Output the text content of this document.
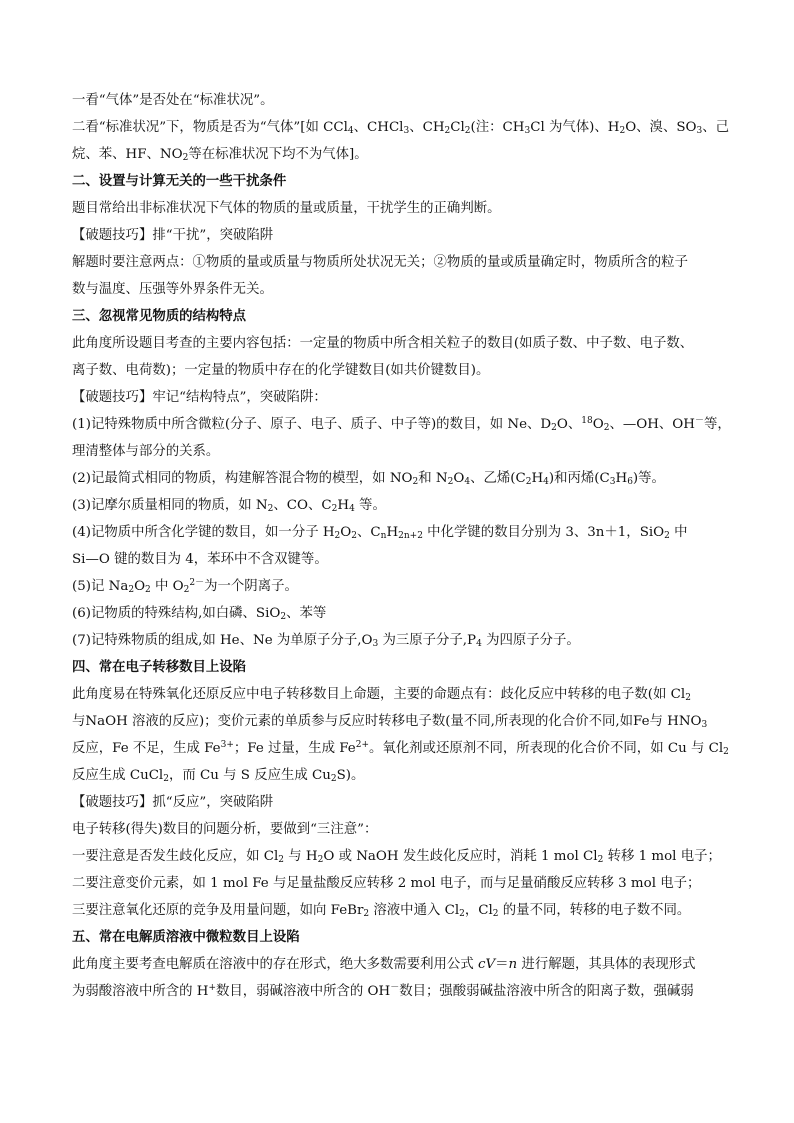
一看“气体”是否处在“标准状况”。
二看“标准状况”下，物质是否为“气体”[如 CCl$_4$、CHCl$_3$、$CH_2Cl_2$(注：$CH_3Cl$ 为气体)、$H_2O$、溴、$SO_3$、己
烷、苯、HF、$NO_2$等在标准状况下均不为气体]。
二、设置与计算无关的一些干扰条件
题目常给出非标准状况下气体的物质的量或质量，干扰学生的正确判断。
【破题技巧】排“干扰”，突破陷阱
解题时要注意两点：①物质的量或质量与物质所处状况无关；②物质的量或质量确定时，物质所含的粒子
数与温度、压强等外界条件无关。
三、忽视常见物质的结构特点
此角度所设题目考查的主要内容包括：一定量的物质中所含相关粒子的数目(如质子数、中子数、电子数、
离子数、电荷数)；一定量的物质中存在的化学键数目(如共价键数目)。
【破题技巧】牢记“结构特点”，突破陷阱：
(1)记特殊物质中所含微粒(分子、原子、电子、质子、中子等)的数目，如 Ne、$D_2O$、$^{18}O_2$、—OH、OH－等，
理清整体与部分的关系。
(2)记最简式相同的物质，构建解答混合物的模型，如 $NO_2$和 $N_2O_4$、乙烯$(C_2H_4)$和丙烯$(C_3H_6)$等。
(3)记摩尔质量相同的物质，如 $N_2$、CO、$C_2H_4$ 等。
(4)记物质中所含化学键的数目，如一分子 $H_2O_2$、$C_nH_{2n+2}$ 中化学键的数目分别为 3、3n＋1，SiO$_2$ 中
Si—O 键的数目为 4，苯环中不含双键等。
(5)记 $Na_2O_2$ 中 $O_2^{2-}$为一个阴离子。
(6)记物质的特殊结构,如白磷、SiO$_2$、苯等
(7)记特殊物质的组成,如 He、Ne 为单原子分子$,O_3$ 为三原子分子$,P_4$ 为四原子分子。
四、常在电子转移数目上设陷
此角度易在特殊氧化还原反应中电子转移数目上命题，主要的命题点有：歧化反应中转移的电子数(如 $Cl_2$
与NaOH 溶液的反应)；变价元素的单质参与反应时转移电子数(量不同,所表现的化合价不同,如Fe与 $HNO_3$
反应，Fe 不足，生成 $Fe^{3+}$；Fe 过量，生成 $Fe^{2+}$。氧化剂或还原剂不同，所表现的化合价不同，如 Cu 与 $Cl_2$
反应生成 CuCl$_2$，而 Cu 与 S 反应生成 $Cu_2S$)。
【破题技巧】抓“反应”，突破陷阱
电子转移(得失)数目的问题分析，要做到“三注意”：
一要注意是否发生歧化反应，如 $Cl_2$ 与 $H_2O$ 或 NaOH 发生歧化反应时，消耗 1 mol $Cl_2$ 转移 1 mol 电子；
二要注意变价元素，如 1 mol Fe 与足量盐酸反应转移 2 mol 电子，而与足量硝酸反应转移 3 mol 电子；
三要注意氧化还原的竞争及用量问题，如向 FeBr$_2$ 溶液中通入 $Cl_2$，$Cl_2$ 的量不同，转移的电子数不同。
五、常在电解质溶液中微粒数目上设陷
此角度主要考查电解质在溶液中的存在形式，绝大多数需要利用公式 cV＝n 进行解题，其具体的表现形式
为弱酸溶液中所含的 H+数目，弱碱溶液中所含的 OH－数目；强酸弱碱盐溶液中所含的阳离子数，强碱弱
